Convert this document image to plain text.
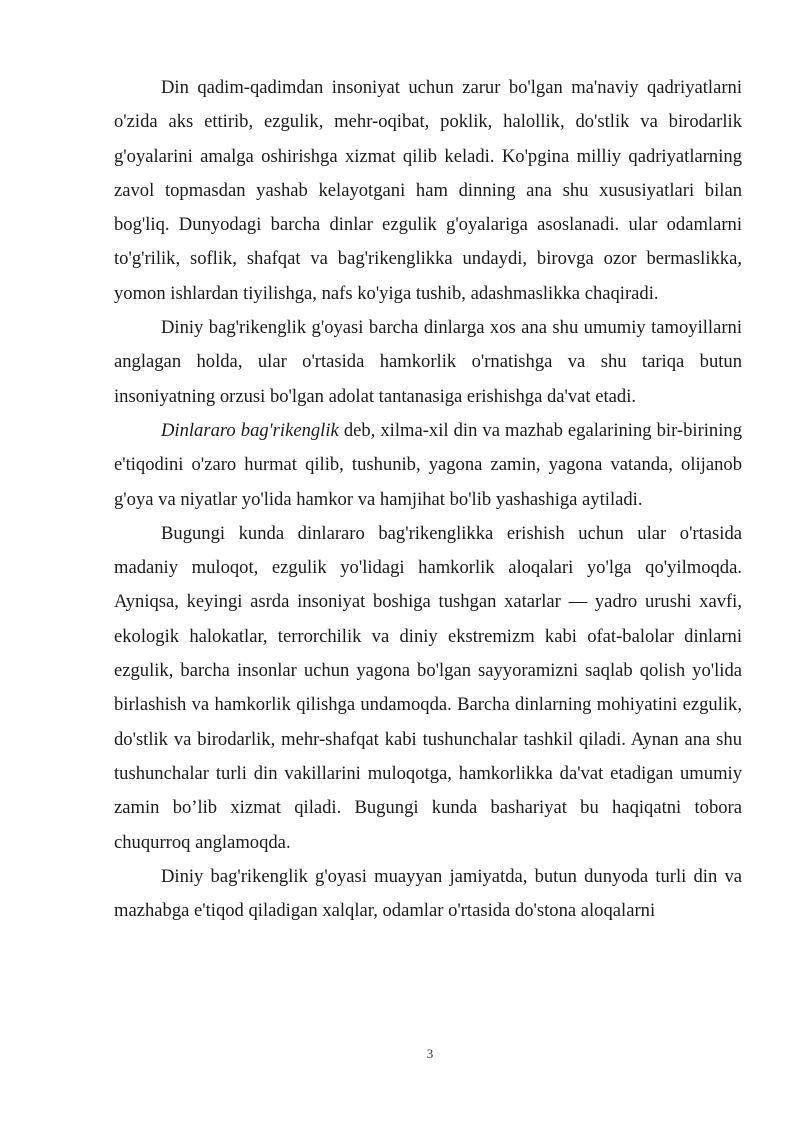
Din qadim-qadimdan insoniyat uchun zarur bo'lgan ma'naviy qadriyatlarni o'zida aks ettirib, ezgulik, mehr-oqibat, poklik, halollik, do'stlik va birodarlik g'oyalarini amalga oshirishga xizmat qilib keladi. Ko'pgina milliy qadriyatlarning zavol topmasdan yashab kelayotgani ham dinning ana shu xususiyatlari bilan bog'liq. Dunyodagi barcha dinlar ezgulik g'oyalariga asoslanadi. ular odamlarni to'g'rilik, soflik, shafqat va bag'rikenglikka undaydi, birovga ozor bermaslikka, yomon ishlardan tiyilishga, nafs ko'yiga tushib, adashmaslikka chaqiradi.

Diniy bag'rikenglik g'oyasi barcha dinlarga xos ana shu umumiy tamoyillarni anglagan holda, ular o'rtasida hamkorlik o'rnatishga va shu tariqa butun insoniyatning orzusi bo'lgan adolat tantanasiga erishishga da'vat etadi.

Dinlararo bag'rikenglik deb, xilma-xil din va mazhab egalarining bir-birining e'tiqodini o'zaro hurmat qilib, tushunib, yagona zamin, yagona vatanda, olijanob g'oya va niyatlar yo'lida hamkor va hamjihat bo'lib yashashiga aytiladi.

Bugungi kunda dinlararo bag'rikenglikka erishish uchun ular o'rtasida madaniy muloqot, ezgulik yo'lidagi hamkorlik aloqalari yo'lga qo'yilmoqda. Ayniqsa, keyingi asrda insoniyat boshiga tushgan xatarlar — yadro urushi xavfi, ekologik halokatlar, terrorchilik va diniy ekstremizm kabi ofat-balolar dinlarni ezgulik, barcha insonlar uchun yagona bo'lgan sayyoramizni saqlab qolish yo'lida birlashish va hamkorlik qilishga undamoqda. Barcha dinlarning mohiyatini ezgulik, do'stlik va birodarlik, mehr-shafqat kabi tushunchalar tashkil qiladi. Aynan ana shu tushunchalar turli din vakillarini muloqotga, hamkorlikka da'vat etadigan umumiy zamin bo’lib xizmat qiladi. Bugungi kunda bashariyat bu haqiqatni tobora chuqurroq anglamoqda.

Diniy bag'rikenglik g'oyasi muayyan jamiyatda, butun dunyoda turli din va mazhabga e'tiqod qiladigan xalqlar, odamlar o'rtasida do'stona aloqalarni

3
